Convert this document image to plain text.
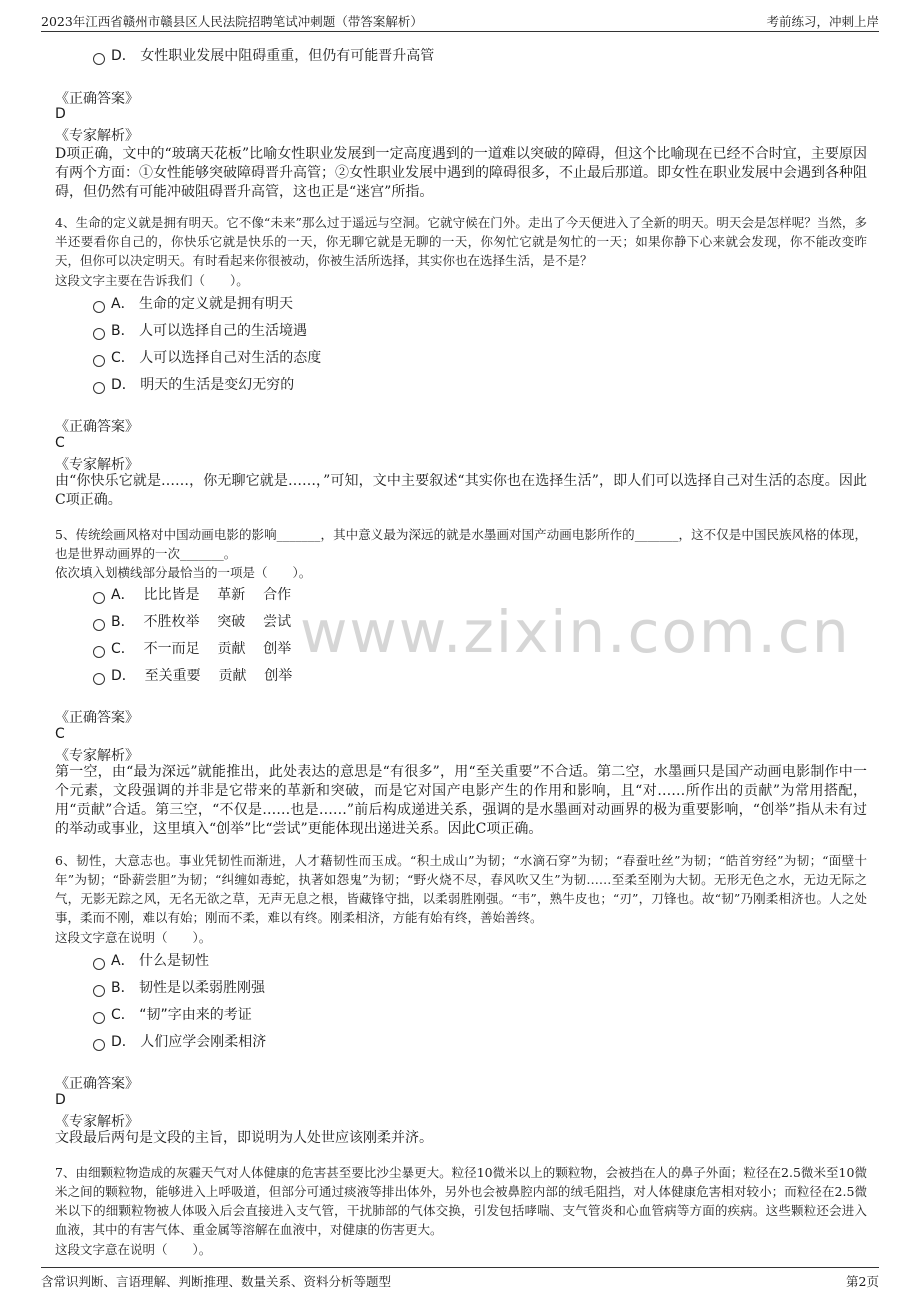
2023年江西省赣州市赣县区人民法院招聘笔试冲刺题（带答案解析）	考前练习，冲刺上岸
www.zixin.com.cn
D． 女性职业发展中阻碍重重，但仍有可能晋升高管
《正确答案》
D
《专家解析》
D项正确，文中的“玻璃天花板”比喻女性职业发展到一定高度遇到的一道难以突破的障碍，但这个比喻现在已经不合时宜，主要原因有两个方面：①女性能够突破障碍晋升高管；②女性职业发展中遇到的障碍很多，不止最后那道。即女性在职业发展中会遇到各种阻碍，但仍然有可能冲破阻碍晋升高管，这也正是“迷宫”所指。
4、生命的定义就是拥有明天。它不像“未来”那么过于遥远与空洞。它就守候在门外。走出了今天便进入了全新的明天。明天会是怎样呢？当然，多半还要看你自己的，你快乐它就是快乐的一天，你无聊它就是无聊的一天，你匆忙它就是匆忙的一天；如果你静下心来就会发现，你不能改变昨天，但你可以决定明天。有时看起来你很被动，你被生活所选择，其实你也在选择生活，是不是？
这段文字主要在告诉我们（　　）。
A． 生命的定义就是拥有明天
B． 人可以选择自己的生活境遇
C． 人可以选择自己对生活的态度
D． 明天的生活是变幻无穷的
《正确答案》
C
《专家解析》
由“你快乐它就是……，你无聊它就是……，”可知，文中主要叙述“其实你也在选择生活”，即人们可以选择自己对生活的态度。因此C项正确。
5、传统绘画风格对中国动画电影的影响_______，其中意义最为深远的就是水墨画对国产动画电影所作的_______，这不仅是中国民族风格的体现，也是世界动画界的一次_______。
依次填入划横线部分最恰当的一项是（　　）。
A．  比比皆是    革新    合作
B．  不胜枚举    突破    尝试
C．  不一而足    贡献    创举
D．  至关重要    贡献    创举
《正确答案》
C
《专家解析》
第一空，由“最为深远”就能推出，此处表达的意思是“有很多”，用“至关重要”不合适。第二空，水墨画只是国产动画电影制作中一个元素，文段强调的并非是它带来的革新和突破，而是它对国产电影产生的作用和影响，且“对……所作出的贡献”为常用搭配，用“贡献”合适。第三空，“不仅是……也是……”前后构成递进关系，强调的是水墨画对动画界的极为重要影响，“创举”指从未有过的举动或事业，这里填入“创举”比“尝试”更能体现出递进关系。因此C项正确。
6、韧性，大意志也。事业凭韧性而渐进，人才藉韧性而玉成。“积土成山”为韧；“水滴石穿”为韧；“春蚕吐丝”为韧；“皓首穷经”为韧；“面壁十年”为韧；“卧薪尝胆”为韧；“纠缠如毒蛇，执著如怨鬼”为韧；“野火烧不尽，春风吹又生”为韧……至柔至刚为大韧。无形无色之水，无边无际之气，无影无踪之风，无名无欲之草，无声无息之根，皆藏锋守拙，以柔弱胜刚强。“韦”，熟牛皮也；“刃”，刀锋也。故“韧”乃刚柔相济也。人之处事，柔而不刚，难以有始；刚而不柔，难以有终。刚柔相济，方能有始有终，善始善终。
这段文字意在说明（　　）。
A． 什么是韧性
B． 韧性是以柔弱胜刚强
C． “韧”字由来的考证
D． 人们应学会刚柔相济
《正确答案》
D
《专家解析》
文段最后两句是文段的主旨，即说明为人处世应该刚柔并济。
7、由细颗粒物造成的灰霾天气对人体健康的危害甚至要比沙尘暴更大。粒径10微米以上的颗粒物，会被挡在人的鼻子外面；粒径在2.5微米至10微米之间的颗粒物，能够进入上呼吸道，但部分可通过痰液等排出体外，另外也会被鼻腔内部的绒毛阻挡，对人体健康危害相对较小；而粒径在2.5微米以下的细颗粒物被人体吸入后会直接进入支气管，干扰肺部的气体交换，引发包括哮喘、支气管炎和心血管病等方面的疾病。这些颗粒还会进入血液，其中的有害气体、重金属等溶解在血液中，对健康的伤害更大。
这段文字意在说明（　　）。
含常识判断、言语理解、判断推理、数量关系、资料分析等题型	第2页
